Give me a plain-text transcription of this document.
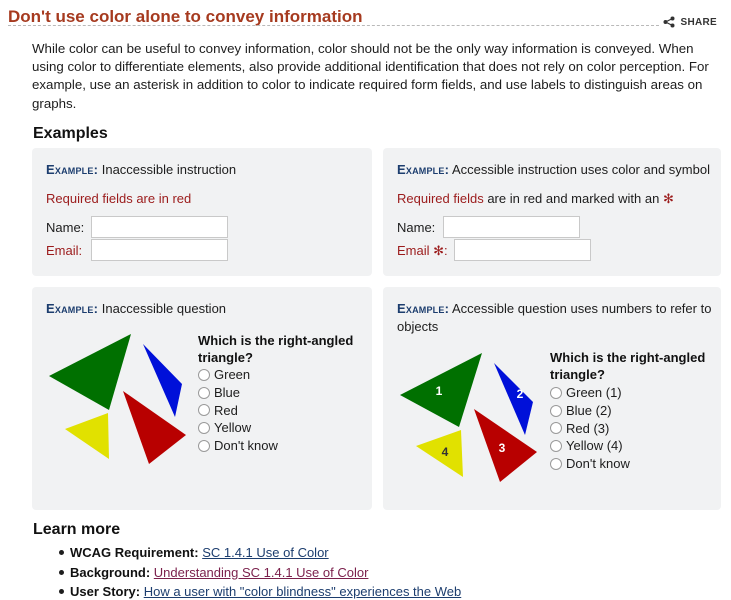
Don't use color alone to convey information	SHARE

While color can be useful to convey information, color should not be the only way information is conveyed. When using color to differentiate elements, also provide additional identification that does not rely on color perception. For example, use an asterisk in addition to color to indicate required form fields, and use labels to distinguish areas on graphs.

Examples
Example: Inaccessible instruction
Required fields are in red
Name:
Email:
Example: Accessible instruction uses color and symbol
Required fields are in red and marked with an ✻
Name:
Email ✻:
Example: Inaccessible question
Which is the right-angled triangle?
Green
Blue
Red
Yellow
Don't know
Example: Accessible question uses numbers to refer to objects
1	2
3
4
Which is the right-angled triangle?
Green (1)
Blue (2)
Red (3)
Yellow (4)
Don't know
Learn more
WCAG Requirement: SC 1.4.1 Use of Color
Background: Understanding SC 1.4.1 Use of Color
User Story: How a user with "color blindness" experiences the Web
